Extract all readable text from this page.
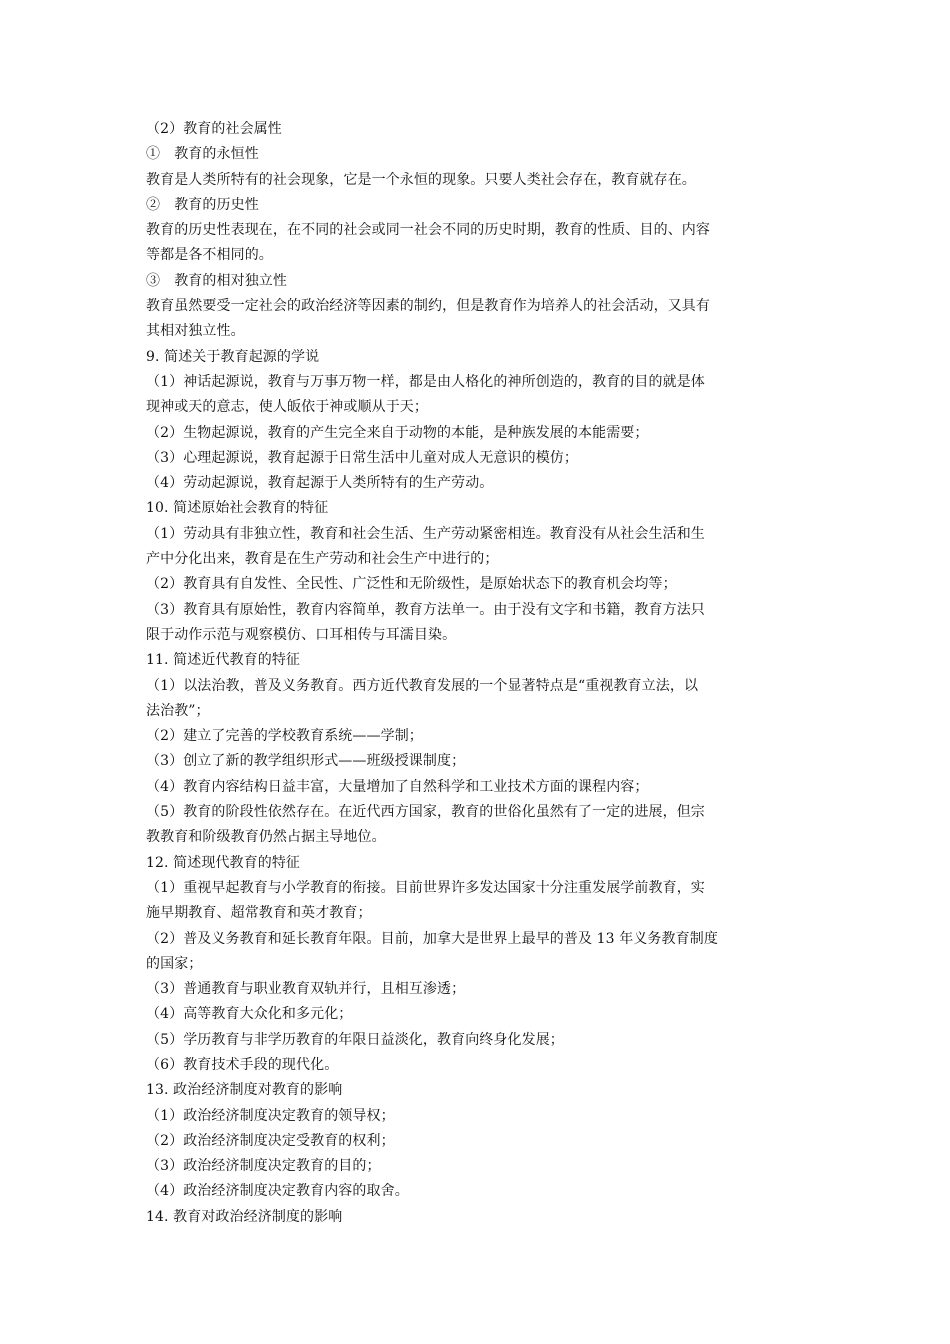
（2）教育的社会属性
①　教育的永恒性
教育是人类所特有的社会现象，它是一个永恒的现象。只要人类社会存在，教育就存在。
②　教育的历史性
教育的历史性表现在，在不同的社会或同一社会不同的历史时期，教育的性质、目的、内容
等都是各不相同的。
③　教育的相对独立性
教育虽然要受一定社会的政治经济等因素的制约，但是教育作为培养人的社会活动，又具有
其相对独立性。
9. 简述关于教育起源的学说
（1）神话起源说，教育与万事万物一样，都是由人格化的神所创造的，教育的目的就是体
现神或天的意志，使人皈依于神或顺从于天；
（2）生物起源说，教育的产生完全来自于动物的本能，是种族发展的本能需要；
（3）心理起源说，教育起源于日常生活中儿童对成人无意识的模仿；
（4）劳动起源说，教育起源于人类所特有的生产劳动。
10. 简述原始社会教育的特征
（1）劳动具有非独立性，教育和社会生活、生产劳动紧密相连。教育没有从社会生活和生
产中分化出来，教育是在生产劳动和社会生产中进行的；
（2）教育具有自发性、全民性、广泛性和无阶级性，是原始状态下的教育机会均等；
（3）教育具有原始性，教育内容简单，教育方法单一。由于没有文字和书籍，教育方法只
限于动作示范与观察模仿、口耳相传与耳濡目染。
11. 简述近代教育的特征
（1）以法治教，普及义务教育。西方近代教育发展的一个显著特点是“重视教育立法，以
法治教”；
（2）建立了完善的学校教育系统——学制；
（3）创立了新的教学组织形式——班级授课制度；
（4）教育内容结构日益丰富，大量增加了自然科学和工业技术方面的课程内容；
（5）教育的阶段性依然存在。在近代西方国家，教育的世俗化虽然有了一定的进展，但宗
教教育和阶级教育仍然占据主导地位。
12. 简述现代教育的特征
（1）重视早起教育与小学教育的衔接。目前世界许多发达国家十分注重发展学前教育，实
施早期教育、超常教育和英才教育；
（2）普及义务教育和延长教育年限。目前，加拿大是世界上最早的普及 13 年义务教育制度
的国家；
（3）普通教育与职业教育双轨并行，且相互渗透；
（4）高等教育大众化和多元化；
（5）学历教育与非学历教育的年限日益淡化，教育向终身化发展；
（6）教育技术手段的现代化。
13. 政治经济制度对教育的影响
（1）政治经济制度决定教育的领导权；
（2）政治经济制度决定受教育的权利；
（3）政治经济制度决定教育的目的；
（4）政治经济制度决定教育内容的取舍。
14. 教育对政治经济制度的影响
